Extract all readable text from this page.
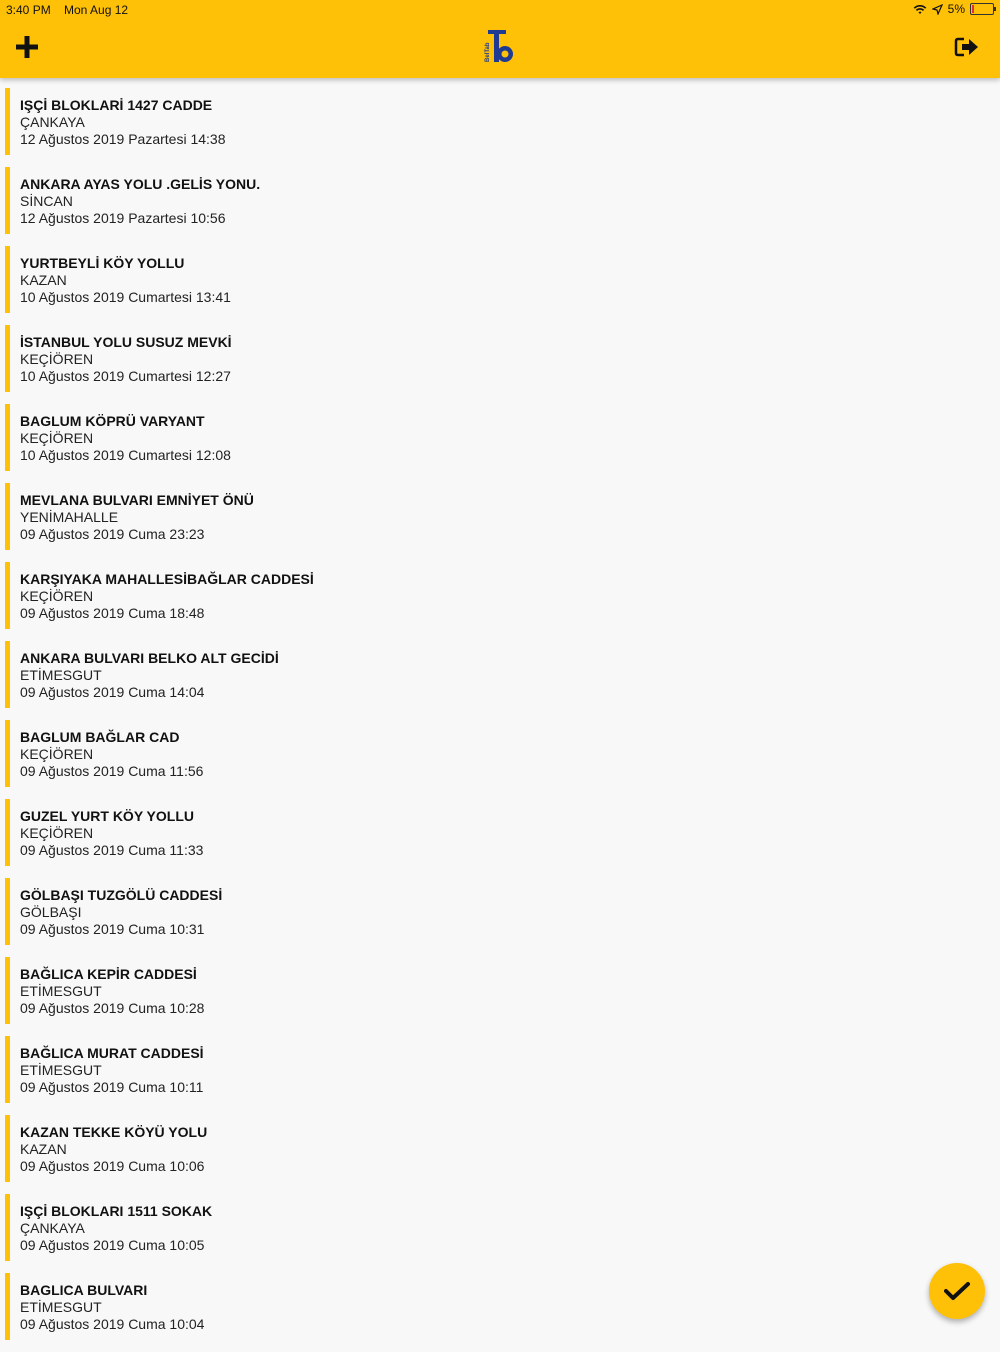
3:40 PM Mon Aug 12	5%
BelTab
IŞÇİ BLOKLARİ 1427 CADDE
ÇANKAYA
12 Ağustos 2019 Pazartesi 14:38
ANKARA AYAS YOLU .GELİS YONU.
SİNCAN
12 Ağustos 2019 Pazartesi 10:56
YURTBEYLİ KÖY YOLLU
KAZAN
10 Ağustos 2019 Cumartesi 13:41
İSTANBUL YOLU SUSUZ MEVKİ
KEÇİÖREN
10 Ağustos 2019 Cumartesi 12:27
BAGLUM KÖPRÜ VARYANT
KEÇİÖREN
10 Ağustos 2019 Cumartesi 12:08
MEVLANA BULVARI EMNİYET ÖNÜ
YENİMAHALLE
09 Ağustos 2019 Cuma 23:23
KARŞIYAKA MAHALLESİBAĞLAR CADDESİ
KEÇİÖREN
09 Ağustos 2019 Cuma 18:48
ANKARA BULVARI BELKO ALT GECİDİ
ETİMESGUT
09 Ağustos 2019 Cuma 14:04
BAGLUM BAĞLAR CAD
KEÇİÖREN
09 Ağustos 2019 Cuma 11:56
GUZEL YURT KÖY YOLLU
KEÇİÖREN
09 Ağustos 2019 Cuma 11:33
GÖLBAŞI TUZGÖLÜ CADDESİ
GÖLBAŞI
09 Ağustos 2019 Cuma 10:31
BAĞLICA KEPİR CADDESİ
ETİMESGUT
09 Ağustos 2019 Cuma 10:28
BAĞLICA MURAT CADDESİ
ETİMESGUT
09 Ağustos 2019 Cuma 10:11
KAZAN TEKKE KÖYÜ YOLU
KAZAN
09 Ağustos 2019 Cuma 10:06
IŞÇİ BLOKLARI 1511 SOKAK
ÇANKAYA
09 Ağustos 2019 Cuma 10:05
BAGLICA BULVARI
ETİMESGUT
09 Ağustos 2019 Cuma 10:04
